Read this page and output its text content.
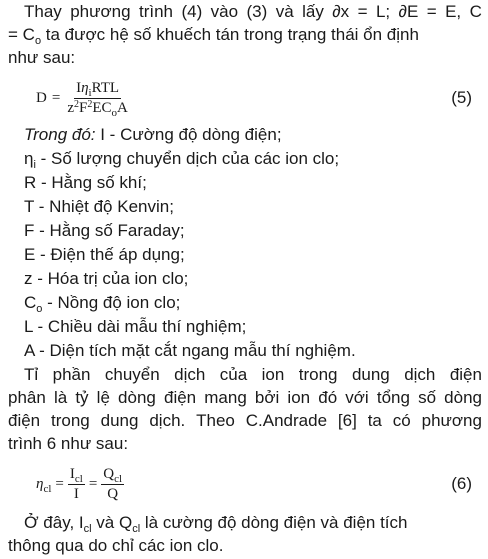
Thay phương trình (4) vào (3) và lấy ∂x = L; ∂E = E, C
= $C_o$ ta được hệ số khuếch tán trong trạng thái ổn định
như sau:
$D = \frac{I\eta_iRTL}{z^2F^2EC_oA}$	(5)
Trong đó: I - Cường độ dòng điện;
$\eta_i$ - Số lượng chuyển dịch của các ion clo;
R - Hằng số khí;
T - Nhiệt độ Kenvin;
F - Hằng số Faraday;
E - Điện thế áp dụng;
z - Hóa trị của ion clo;
$C_o$ - Nồng độ ion clo;
L - Chiều dài mẫu thí nghiệm;
A - Diện tích mặt cắt ngang mẫu thí nghiệm.
Tỉ phần chuyển dịch của ion trong dung dịch điện
phân là tỷ lệ dòng điện mang bởi ion đó với tổng số dòng
điện trong dung dịch. Theo C.Andrade [6] ta có phương
trình 6 như sau:
$\eta_{cl} = \frac{I_{cl}}{I} = \frac{Q_{cl}}{Q}$	(6)
Ở đây, $I_{cl}$ và $Q_{cl}$ là cường độ dòng điện và điện tích
thông qua do chỉ các ion clo.
